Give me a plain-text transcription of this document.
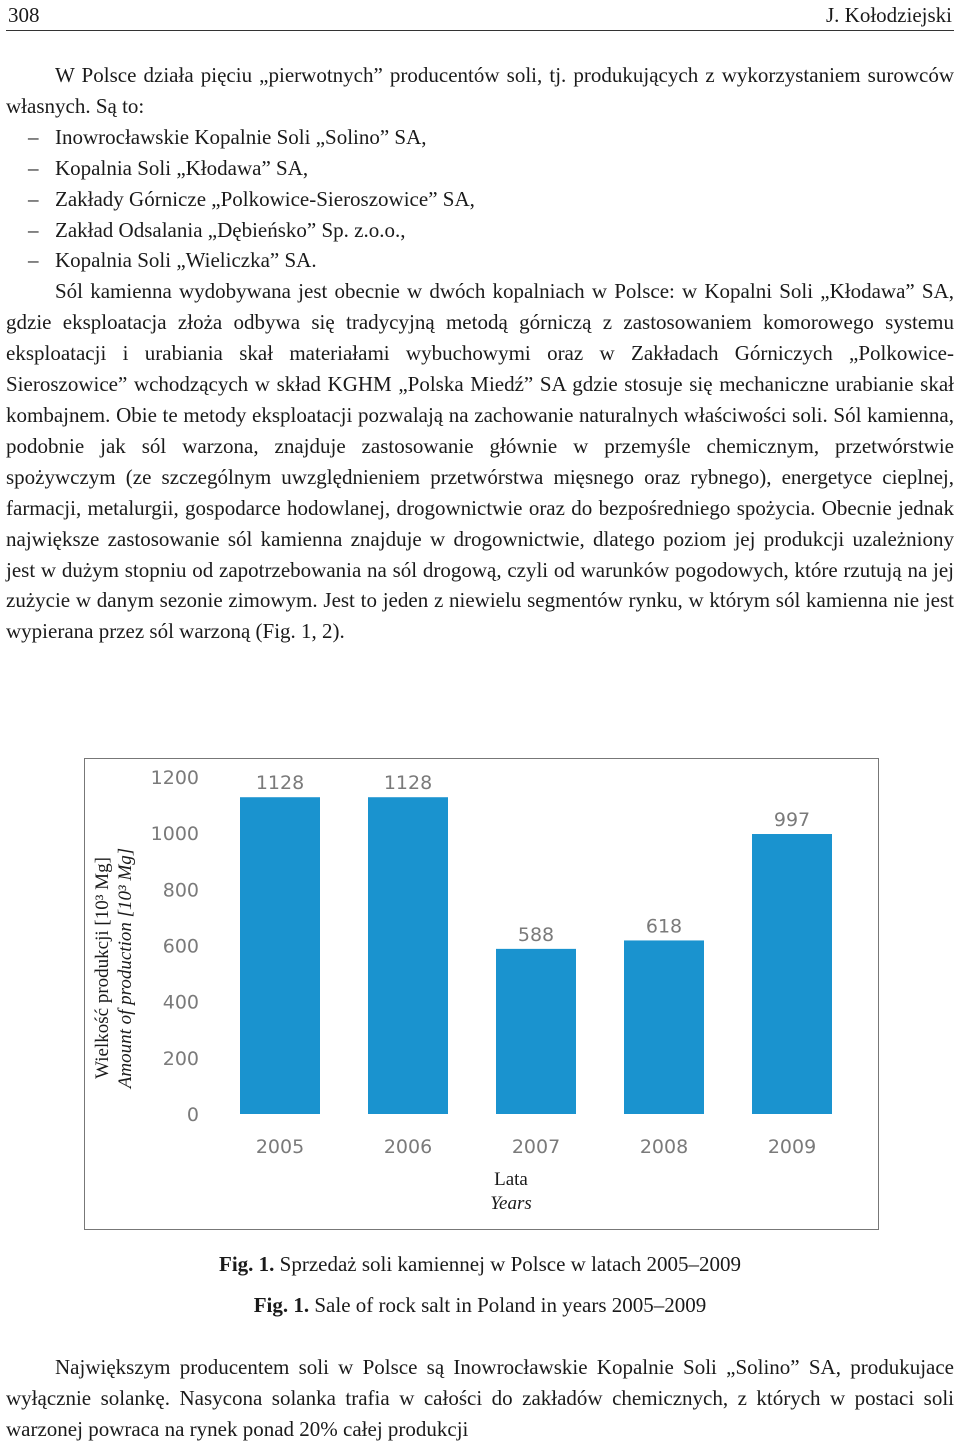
308	J. Kołodziejski

W Polsce działa pięciu „pierwotnych” producentów soli, tj. produkujących z wykorzystaniem surowców własnych. Są to:

– Inowrocławskie Kopalnie Soli „Solino” SA,
– Kopalnia Soli „Kłodawa” SA,
– Zakłady Górnicze „Polkowice-Sieroszowice” SA,
– Zakład Odsalania „Dębieńsko” Sp. z.o.o.,
– Kopalnia Soli „Wieliczka” SA.

Sól kamienna wydobywana jest obecnie w dwóch kopalniach w Polsce: w Kopalni Soli „Kłodawa” SA, gdzie eksploatacja złoża odbywa się tradycyjną metodą górniczą z zastosowaniem komorowego systemu eksploatacji i urabiania skał materiałami wybuchowymi oraz w Zakładach Górniczych „Polkowice-Sieroszowice” wchodzących w skład KGHM „Polska Miedź” SA gdzie stosuje się mechaniczne urabianie skał kombajnem. Obie te metody eksploatacji pozwalają na zachowanie naturalnych właściwości soli. Sól kamienna, podobnie jak sól warzona, znajduje zastosowanie głównie w przemyśle chemicznym, przetwórstwie spożywczym (ze szczególnym uwzględnieniem przetwórstwa mięsnego oraz rybnego), energetyce cieplnej, farmacji, metalurgii, gospodarce hodowlanej, drogownictwie oraz do bezpośredniego spożycia. Obecnie jednak największe zastosowanie sól kamienna znajduje w drogownictwie, dlatego poziom jej produkcji uzależniony jest w dużym stopniu od zapotrzebowania na sól drogową, czyli od warunków pogodowych, które rzutują na jej zużycie w danym sezonie zimowym. Jest to jeden z niewielu segmentów rynku, w którym sól kamienna nie jest wypierana przez sól warzoną (Fig. 1, 2).

0
200
400
600
800
1000
1200	1128
2005
1128
2006
588
2007
618
2008
997
2009
Wielkość produkcji [10³ Mg] Amount of production [10³ Mg]
Lata
Years
Fig. 1. Sprzedaż soli kamiennej w Polsce w latach 2005–2009
Fig. 1. Sale of rock salt in Poland in years 2005–2009

Największym producentem soli w Polsce są Inowrocławskie Kopalnie Soli „Solino” SA, produkujace wyłącznie solankę. Nasycona solanka trafia w całości do zakładów chemicznych, z których w postaci soli warzonej powraca na rynek ponad 20% całej produkcji
